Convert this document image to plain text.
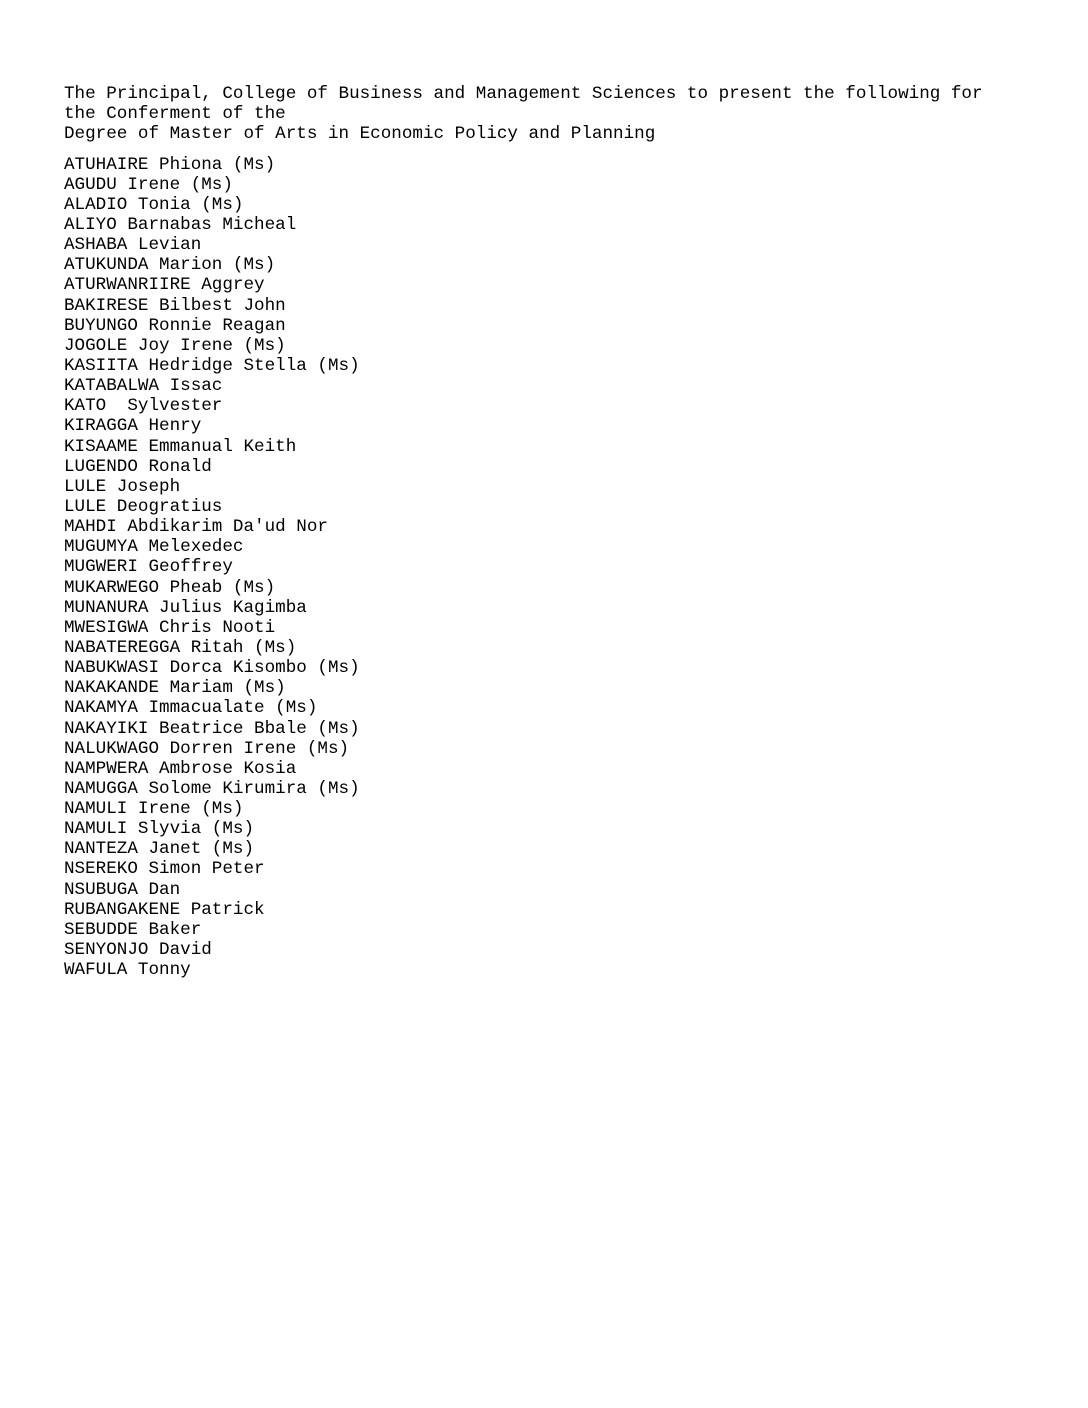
The Principal, College of Business and Management Sciences to present the following for
the Conferment of the
Degree of Master of Arts in Economic Policy and Planning
ATUHAIRE Phiona (Ms)
AGUDU Irene (Ms)
ALADIO Tonia (Ms)
ALIYO Barnabas Micheal
ASHABA Levian
ATUKUNDA Marion (Ms)
ATURWANRIIRE Aggrey
BAKIRESE Bilbest John
BUYUNGO Ronnie Reagan
JOGOLE Joy Irene (Ms)
KASIITA Hedridge Stella (Ms)
KATABALWA Issac
KATO  Sylvester
KIRAGGA Henry
KISAAME Emmanual Keith
LUGENDO Ronald
LULE Joseph
LULE Deogratius
MAHDI Abdikarim Da'ud Nor
MUGUMYA Melexedec
MUGWERI Geoffrey
MUKARWEGO Pheab (Ms)
MUNANURA Julius Kagimba
MWESIGWA Chris Nooti
NABATEREGGA Ritah (Ms)
NABUKWASI Dorca Kisombo (Ms)
NAKAKANDE Mariam (Ms)
NAKAMYA Immacualate (Ms)
NAKAYIKI Beatrice Bbale (Ms)
NALUKWAGO Dorren Irene (Ms)
NAMPWERA Ambrose Kosia
NAMUGGA Solome Kirumira (Ms)
NAMULI Irene (Ms)
NAMULI Slyvia (Ms)
NANTEZA Janet (Ms)
NSEREKO Simon Peter
NSUBUGA Dan
RUBANGAKENE Patrick
SEBUDDE Baker
SENYONJO David
WAFULA Tonny
